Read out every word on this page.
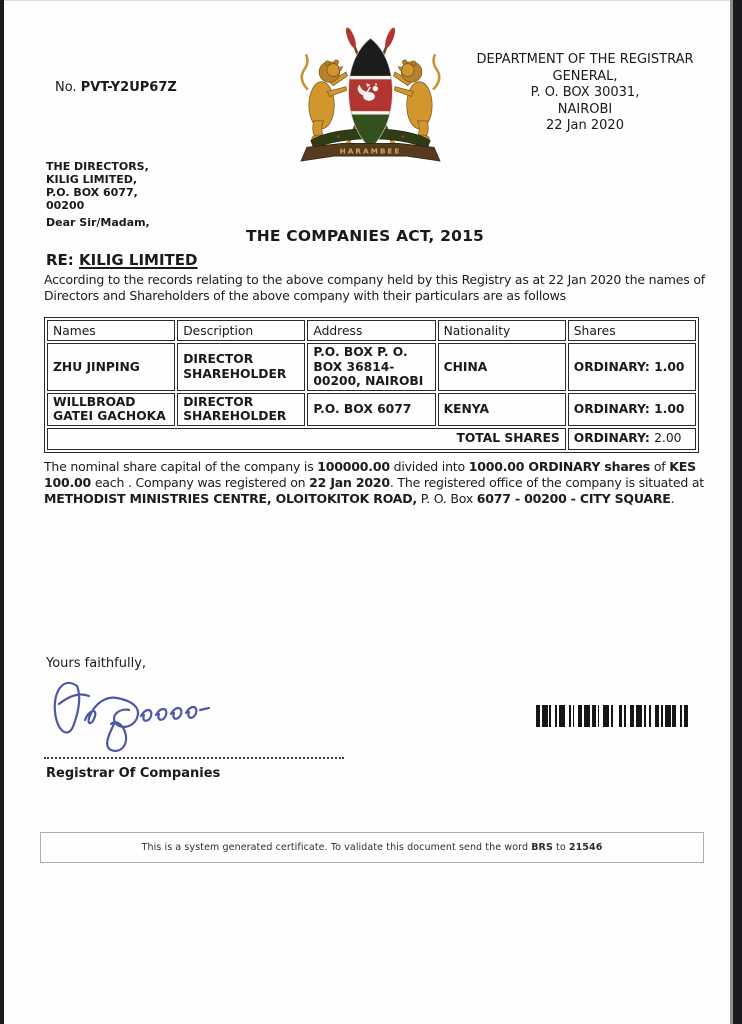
No. PVT-Y2UP67Z
DEPARTMENT OF THE REGISTRAR
GENERAL,
P. O. BOX 30031,
NAIROBI
22 Jan 2020
HARAMBEE
THE DIRECTORS,
KILIG LIMITED,
P.O. BOX 6077,
00200
Dear Sir/Madam,
THE COMPANIES ACT, 2015
RE: KILIG LIMITED
According to the records relating to the above company held by this Registry as at 22 Jan 2020 the names of
Directors and Shareholders of the above company with their particulars are as follows
Names	Description	Address	Nationality	Shares
ZHU JINPING	DIRECTOR SHAREHOLDER	P.O. BOX P. O. BOX 36814- 00200, NAIROBI	CHINA	ORDINARY: 1.00
WILLBROAD GATEI GACHOKA	DIRECTOR SHAREHOLDER	P.O. BOX 6077	KENYA	ORDINARY: 1.00
TOTAL SHARES				ORDINARY: 2.00
The nominal share capital of the company is 100000.00 divided into 1000.00 ORDINARY shares of KES
100.00 each . Company was registered on 22 Jan 2020. The registered office of the company is situated at
METHODIST MINISTRIES CENTRE, OLOITOKITOK ROAD, P. O. Box 6077 - 00200 - CITY SQUARE.
Yours faithfully,
Registrar Of Companies
This is a system generated certificate. To validate this document send the word BRS to 21546
